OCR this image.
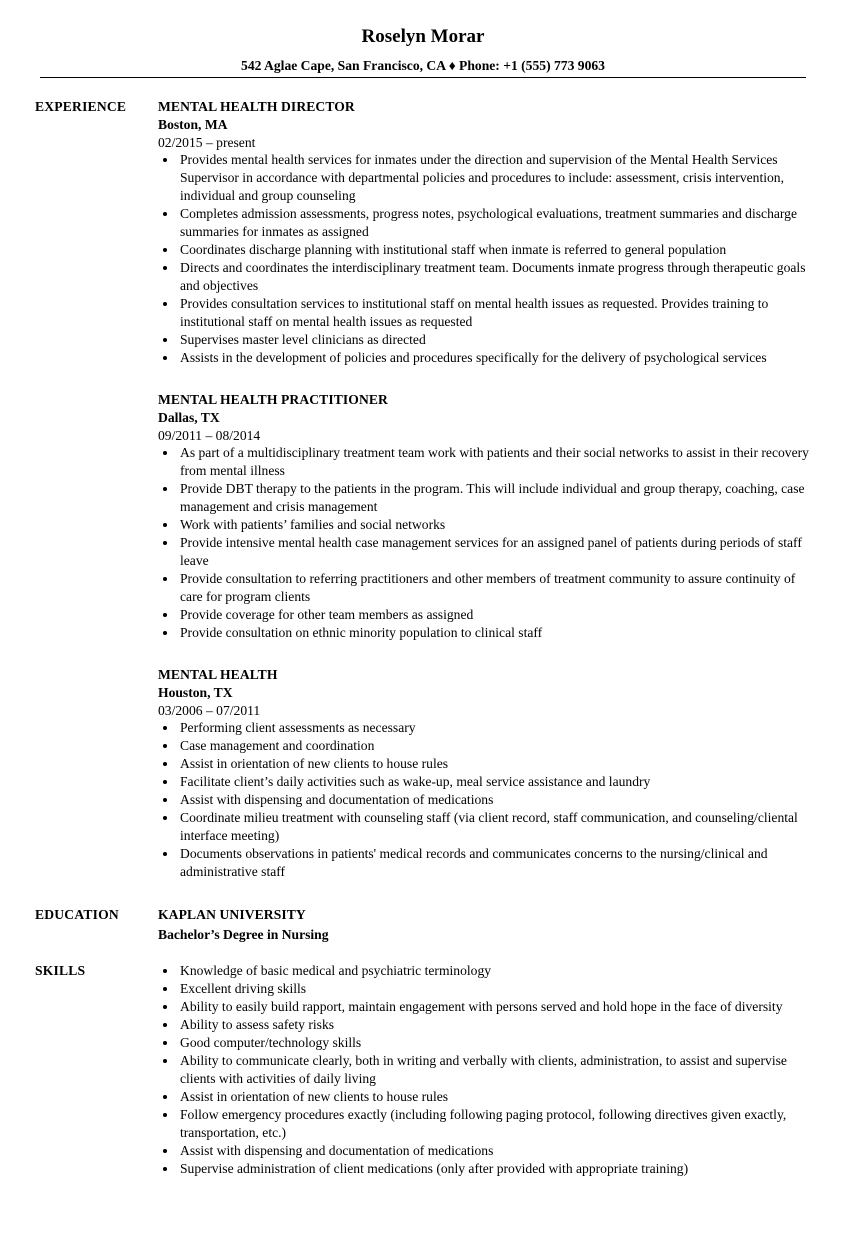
Roselyn Morar
542 Aglae Cape, San Francisco, CA ♦ Phone: +1 (555) 773 9063
EXPERIENCE MENTAL HEALTH DIRECTOR
Boston, MA
02/2015 – present
Provides mental health services for inmates under the direction and supervision of the Mental Health Services Supervisor in accordance with departmental policies and procedures to include: assessment, crisis intervention, individual and group counseling
Completes admission assessments, progress notes, psychological evaluations, treatment summaries and discharge summaries for inmates as assigned
Coordinates discharge planning with institutional staff when inmate is referred to general population
Directs and coordinates the interdisciplinary treatment team. Documents inmate progress through therapeutic goals and objectives
Provides consultation services to institutional staff on mental health issues as requested. Provides training to institutional staff on mental health issues as requested
Supervises master level clinicians as directed
Assists in the development of policies and procedures specifically for the delivery of psychological services
MENTAL HEALTH PRACTITIONER
Dallas, TX
09/2011 – 08/2014
As part of a multidisciplinary treatment team work with patients and their social networks to assist in their recovery from mental illness
Provide DBT therapy to the patients in the program. This will include individual and group therapy, coaching, case management and crisis management
Work with patients’ families and social networks
Provide intensive mental health case management services for an assigned panel of patients during periods of staff leave
Provide consultation to referring practitioners and other members of treatment community to assure continuity of care for program clients
Provide coverage for other team members as assigned
Provide consultation on ethnic minority population to clinical staff
MENTAL HEALTH
Houston, TX
03/2006 – 07/2011
Performing client assessments as necessary
Case management and coordination
Assist in orientation of new clients to house rules
Facilitate client’s daily activities such as wake-up, meal service assistance and laundry
Assist with dispensing and documentation of medications
Coordinate milieu treatment with counseling staff (via client record, staff communication, and counseling/cliental interface meeting)
Documents observations in patients' medical records and communicates concerns to the nursing/clinical and administrative staff
EDUCATION	KAPLAN UNIVERSITY
Bachelor’s Degree in Nursing
SKILLS	Knowledge of basic medical and psychiatric terminology
Excellent driving skills
Ability to easily build rapport, maintain engagement with persons served and hold hope in the face of diversity
Ability to assess safety risks
Good computer/technology skills
Ability to communicate clearly, both in writing and verbally with clients, administration, to assist and supervise clients with activities of daily living
Assist in orientation of new clients to house rules
Follow emergency procedures exactly (including following paging protocol, following directives given exactly, transportation, etc.)
Assist with dispensing and documentation of medications
Supervise administration of client medications (only after provided with appropriate training)
